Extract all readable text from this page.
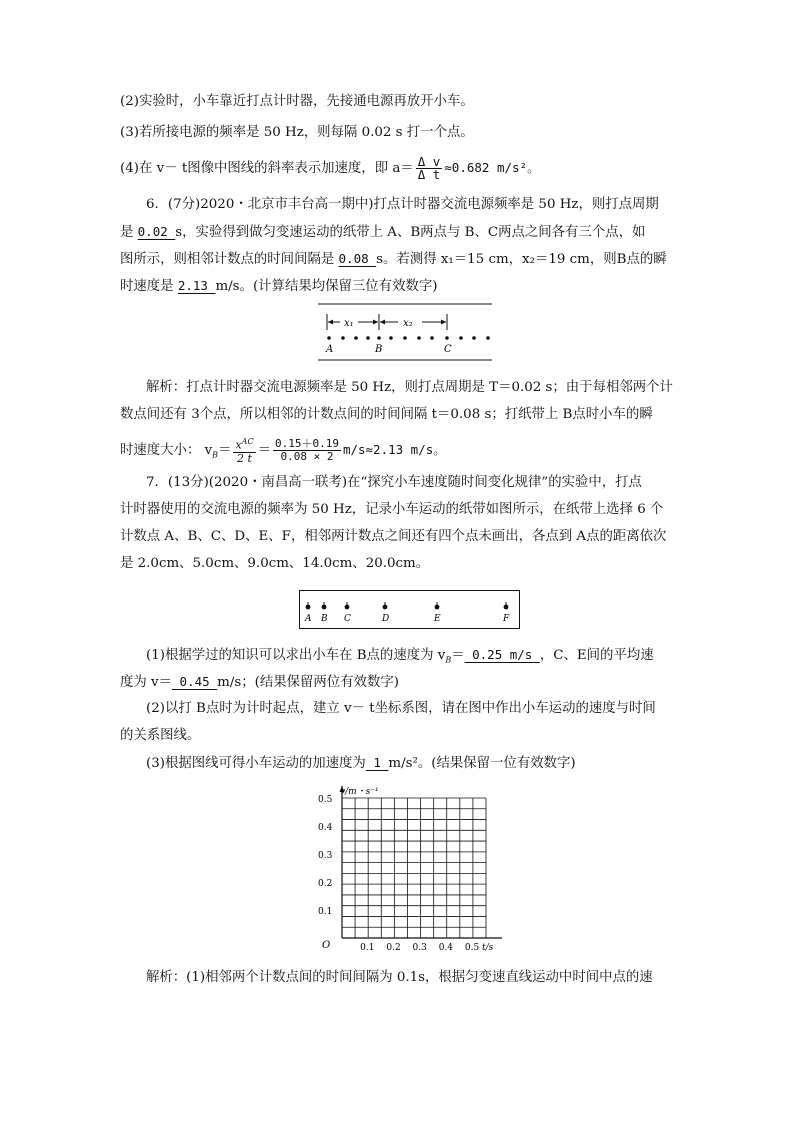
(2)实验时，小车靠近打点计时器，先接通电源再放开小车。
(3)若所接电源的频率是 50 Hz，则每隔 0.02 s 打一个点。
(4)在 v－ t图像中图线的斜率表示加速度，即 $a= \frac{\text{Δ v}}{\text{Δ t}} \approx 0.682$ m/s²。
6．(7分)2020・北京市丰台高一期中)打点计时器交流电源频率是 50 Hz，则打点周期
是 0.02 s，实验得到做匀变速运动的纸带上 A、B两点与 B、C两点之间各有三个点，如
图所示，则相邻计数点的时间间隔是 0.08 s。若测得 x₁＝15 cm，x₂＝19 cm，则B点的瞬
时速度是 2.13 m/s。(计算结果均保留三位有效数字)
x₁	x₂
A	B	C
解析：打点计时器交流电源频率是 50 Hz，则打点周期是 T＝0.02 s；由于每相邻两个计
数点间还有 3个点，所以相邻的计数点间的时间间隔 t＝0.08 s；打纸带上 B点时小车的瞬
时速度大小： $v_B= \frac{x^{AC}}{2 t} = \frac{0.15+0.19}{0.08 \times 2} m/s\approx 2.13$ m/s。
7．(13分)(2020・南昌高一联考)在“探究小车速度随时间变化规律”的实验中，打点
计时器使用的交流电源的频率为 50 Hz，记录小车运动的纸带如图所示，在纸带上选择 6 个
计数点 A、B、C、D、E、F，相邻两计数点之间还有四个点未画出，各点到 A点的距离依次
是 2.0cm、5.0cm、9.0cm、14.0cm、20.0cm。
A B C	D	E	F
(1)根据学过的知识可以求出小车在 B点的速度为 $v_B= 0.25$ m/s ，C、E间的平均速
度为 v＝ 0.45 m/s；(结果保留两位有效数字)
(2)以打 B点时为计时起点，建立 v－ t坐标系图，请在图中作出小车运动的速度与时间
的关系图线。
(3)根据图线可得小车运动的加速度为 1 m/s²。(结果保留一位有效数字)
v/m・s⁻¹
t/s
O
0.1
0.2
0.3
0.4
0.5
0.1 0.2 0.3 0.4 0.5
解析：(1)相邻两个计数点间的时间间隔为 0.1s，根据匀变速直线运动中时间中点的速
